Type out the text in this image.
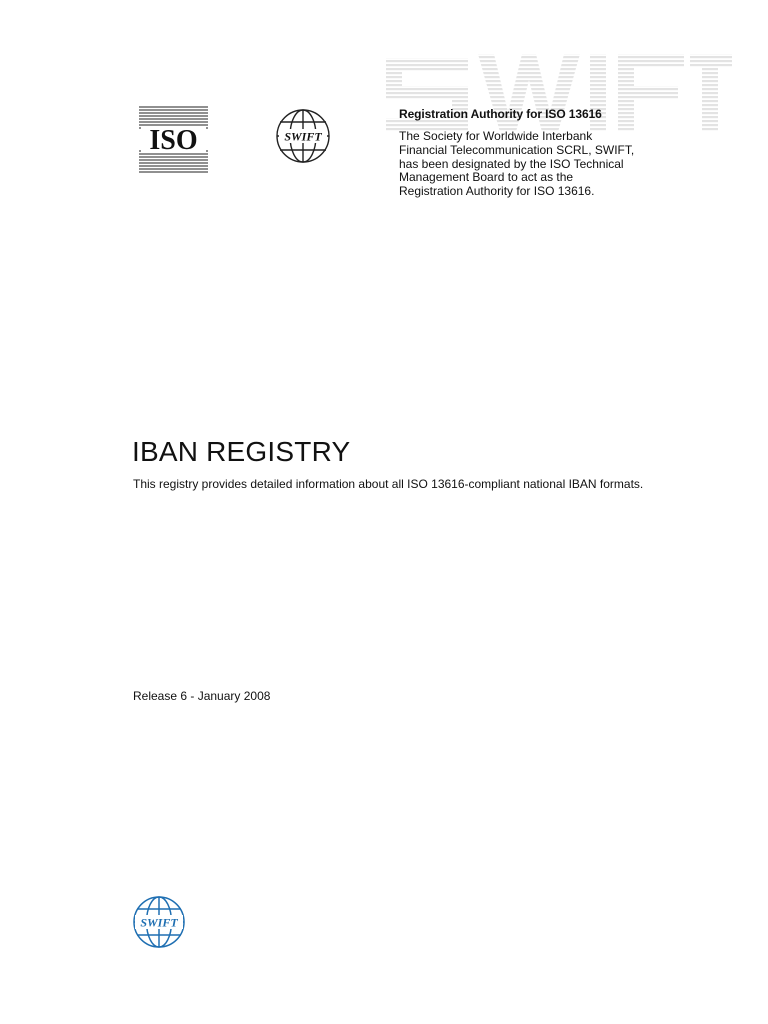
ISO	SWIFT

Registration Authority for ISO 13616

The Society for Worldwide Interbank
Financial Telecommunication SCRL, SWIFT,
has been designated by the ISO Technical
Management Board to act as the
Registration Authority for ISO 13616.

IBAN REGISTRY

This registry provides detailed information about all ISO 13616-compliant national IBAN formats.

Release 6 - January 2008

SWIFT
